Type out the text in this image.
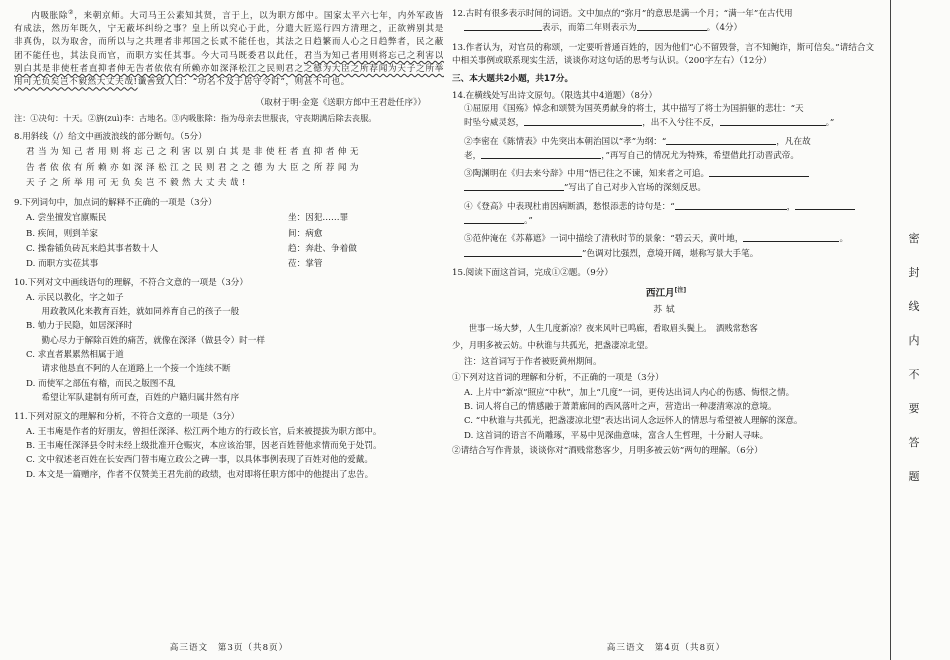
内吸胀除②，来朝京师。大司马王公素知其贤，言于上，以为职方郎中。国家太平六七年，内外军政皆有成法，然历年既久，宁无蔽坏纠纷之事？皇上所以究心于此，分遣大匠巡行四方清理之，正欲辨别其是非真伪，以为取舍，而所以与之共理者非邦国之长贰不能任也，其法之日趋繁而人心之日趋弊者，民之蔽团不能任也，其法良而官，而职方实任其事。今大司马既委君以此任，君当为知己者用则将忘己之利害以别白其是非使枉者直抑者伸无告者依依有所赖亦如深泽松江之民则君之之德为大臣之所荐闻为天子之所举用可无负矣岂不毅然大丈夫哉!谶善致人曰：“功名不及于居守令时”，则甚不可也。

（取材于明·金寔《送职方郎中王君赴任序》）

注：①决旬：十天。②旃(zuì)李：古地名。③内吸胀除：指为母亲去世服丧，守丧期满后除去丧服。

8.用斜线（/）给文中画波浪线的部分断句。（5分）

君当为知己者用则将忘己之利害以别白其是非使枉者直抑者伸无

告者依依有所赖亦如深泽松江之民则君之之德为大臣之所荐闻为

天子之所举用可无负矣岂不毅然大丈夫哉!

9.下列词句中，加点词的解释不正确的一项是（3分）

A. 尝坐擅发官廪赈民	坐：因犯……罪
B. 疾间，则到羊家	间：病愈
C. 操畚锸负砖瓦来趋其事者数十人	趋：奔赴、争着做
D. 而职方实莅其事	莅：掌管

10.下列对文中画线语句的理解，不符合文意的一项是（3分）

A. 示民以教化，字之如子

用政教风化来教育百姓，就如同养育自己的孩子一般

B. 劬力于民隐，如居深泽时

勤心尽力于解除百姓的痛苦，就像在深泽（做县令）时一样

C. 求直者累累然相属于道

请求他恳直不阿的人在道路上一个接一个连续不断

D. 而使军之部伍有稽，而民之版图不乱

希望让军队建制有所可查，百姓的户籍归属井然有序

11.下列对原文的理解和分析，不符合文意的一项是（3分）

A. 王韦庵是作者的好朋友，曾担任深泽、松江两个地方的行政长官，后来被提拔为职方郎中。

B. 王韦庵任深泽县令时未经上级批准开仓赈灾，本应该治罪，因老百姓替他求情而免于处罚。

C. 文中叙述老百姓在长安西门替韦庵立政公之碑一事，以具体事例表现了百姓对他的爱戴。

D. 本文是一篇赠序，作者不仅赞美王君先前的政绩，也对即将任职方郎中的他提出了忠告。

12.古时有很多表示时间的词语。文中加点的“弥月”的意思是满一个月；“满一年”在古代用

表示，而第二年则表示为	。（4分）

13.作者认为，对官员的称颂，一定要听普通百姓的，因为他们“心不留毁誉，言不知鲍诈，斯可信矣。”请结合文中相关事例或联系现实生活，谈谈你对这句话的思考与认识。（200字左右）（12分）

三、本大题共2小题，共17分。

14.在横线处写出诗文原句。（限选其中4道题）（8分）

①屈原用《国殇》悼念和颂赞为国英勇献身的将士，其中描写了将士为国捐躯的悲壮：“天

时坠兮威灵怒，	，出不入兮往不反，	。”

②李密在《陈情表》中先突出本朝治国以“孝”为纲：“	，凡在故

老，	，”再写自己的情况尤为特殊，希望借此打动晋武帝。

③陶渊明在《归去来兮辞》中用“悟已往之不谏，知来者之可追。

”写出了自己对步入官场的深刻反思。

④《登高》中表现杜甫因病断酒，愁恨添悲的诗句是：“	，

。”

⑤范仲淹在《苏幕遮》一词中描绘了清秋时节的景象：“碧云天，黄叶地，	。

”色调对比强烈，意境开阔，堪称写景大手笔。

15.阅读下面这首词，完成①②题。（9分）

西江月[注]

苏轼

世事一场大梦，人生几度新凉？夜来风叶已鸣廊，看取眉头鬓上。　酒贱常愁客

少，月明多被云妨。中秋谁与共孤光，把盏凄凉北望。

注：这首词写于作者被贬黄州期间。

①下列对这首词的理解和分析，不正确的一项是（3分）

A. 上片中“新凉”照应“中秋”，加上“几度”一词，更传达出词人内心的伤感、悔恨之情。

B. 词人将自己的情感融于萧萧廊间的西风落叶之声，营造出一种凄清寒凉的意境。

C. “中秋谁与共孤光，把盏凄凉北望”表达出词人念远怀人的情思与希望被人理解的深意。

D. 这首词的语言不尚雕琢，平易中见深曲意味，富含人生哲理，十分耐人寻味。

②请结合写作背景，谈谈你对“酒贱常愁客少，月明多被云妨”两句的理解。（6分）

密
封
线
内
不
要
答
题
高三语文　第3页（共8页）	高三语文　第4页（共8页）
